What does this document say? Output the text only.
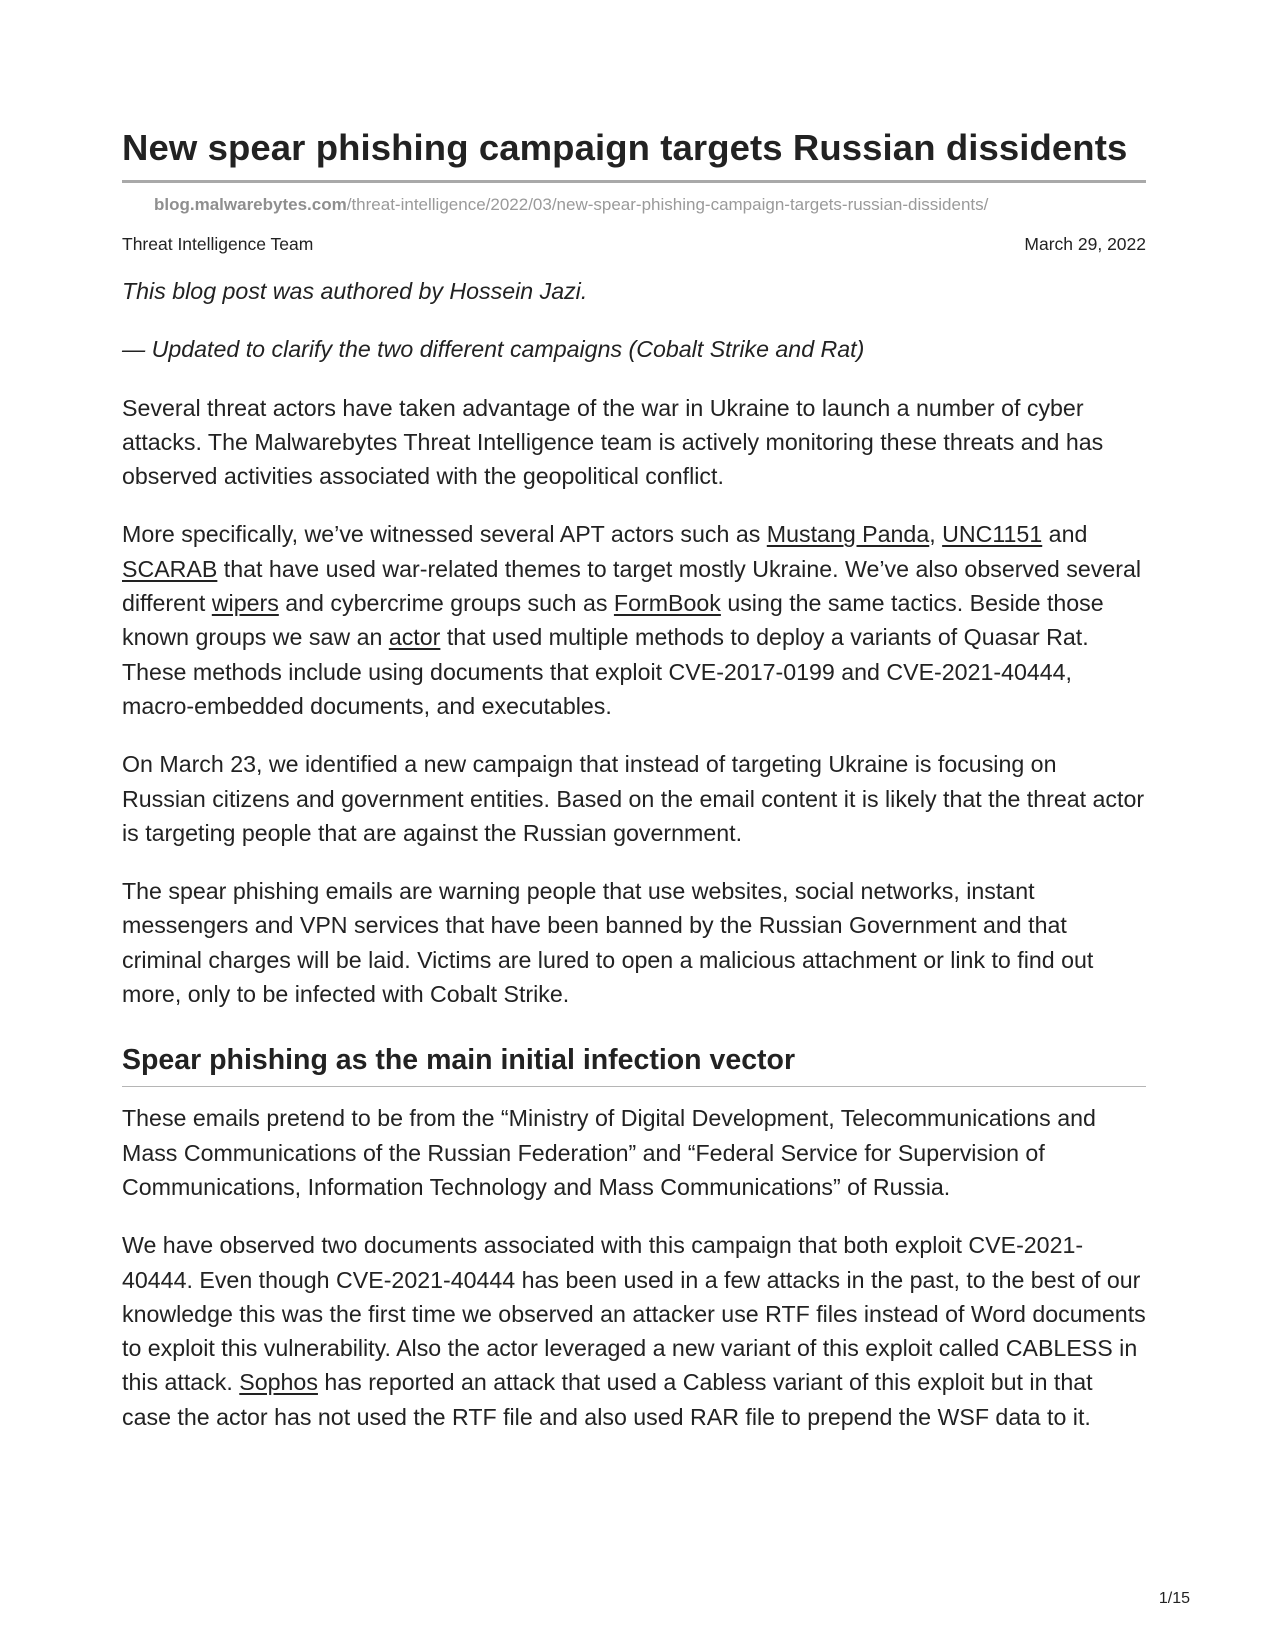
New spear phishing campaign targets Russian dissidents
blog.malwarebytes.com/threat-intelligence/2022/03/new-spear-phishing-campaign-targets-russian-dissidents/
Threat Intelligence Team	March 29, 2022

This blog post was authored by Hossein Jazi.

— Updated to clarify the two different campaigns (Cobalt Strike and Rat)

Several threat actors have taken advantage of the war in Ukraine to launch a number of cyber attacks. The Malwarebytes Threat Intelligence team is actively monitoring these threats and has observed activities associated with the geopolitical conflict.

More specifically, we’ve witnessed several APT actors such as Mustang Panda, UNC1151 and SCARAB that have used war-related themes to target mostly Ukraine. We’ve also observed several different wipers and cybercrime groups such as FormBook using the same tactics. Beside those known groups we saw an actor that used multiple methods to deploy a variants of Quasar Rat. These methods include using documents that exploit CVE-2017-0199 and CVE-2021-40444, macro-embedded documents, and executables.

On March 23, we identified a new campaign that instead of targeting Ukraine is focusing on Russian citizens and government entities. Based on the email content it is likely that the threat actor is targeting people that are against the Russian government.

The spear phishing emails are warning people that use websites, social networks, instant messengers and VPN services that have been banned by the Russian Government and that criminal charges will be laid. Victims are lured to open a malicious attachment or link to find out more, only to be infected with Cobalt Strike.

Spear phishing as the main initial infection vector

These emails pretend to be from the “Ministry of Digital Development, Telecommunications and Mass Communications of the Russian Federation” and “Federal Service for Supervision of Communications, Information Technology and Mass Communications” of Russia.

We have observed two documents associated with this campaign that both exploit CVE-2021-40444. Even though CVE-2021-40444 has been used in a few attacks in the past, to the best of our knowledge this was the first time we observed an attacker use RTF files instead of Word documents to exploit this vulnerability. Also the actor leveraged a new variant of this exploit called CABLESS in this attack. Sophos has reported an attack that used a Cabless variant of this exploit but in that case the actor has not used the RTF file and also used RAR file to prepend the WSF data to it.

1/15
